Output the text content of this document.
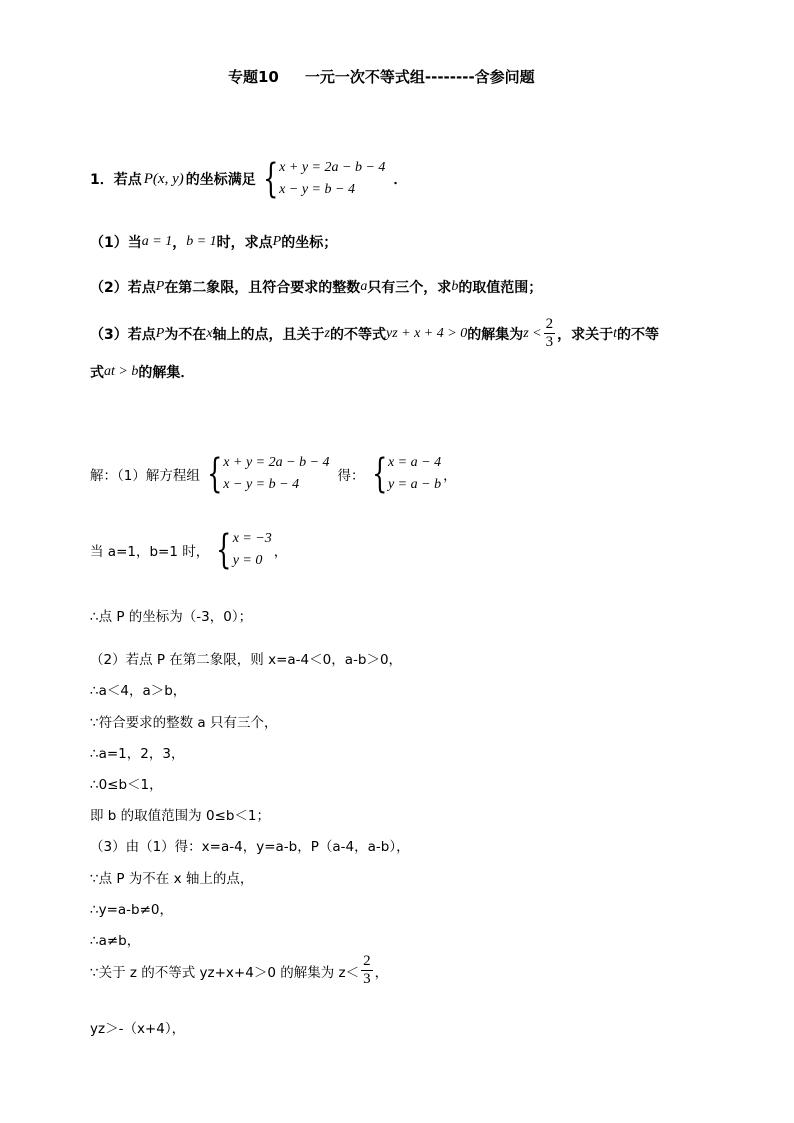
专题10 一元一次不等式组--------含参问题
1． 若点 P(x, y) 的坐标满足 { x + y = 2a − b − 4
x − y = b − 4
．
（1）当 a = 1 ， b = 1 时，求点 P 的坐标；
（2）若点 P 在第二象限，且符合要求的整数 a 只有三个，求 b 的取值范围；
（3）若点 P 为不在 x 轴上的点，且关于 z 的不等式 yz + x + 4 > 0 的解集为 $z < \frac{2}{3}$ ，求关于 t 的不等
式 at > b 的解集．
解：（1）解方程组 { x + y = 2a − b − 4
x − y = b − 4
得： { x = a − 4
y = a − b
，
当 a=1，b=1 时， { x = −3
y = 0
，
∴点 P 的坐标为（-3，0）；
（2）若点 P 在第二象限，则 x=a-4＜0，a-b＞0，
∴a＜4，a＞b，
∵符合要求的整数 a 只有三个，
∴a=1，2，3，
∴0≤b＜1，
即 b 的取值范围为 0≤b＜1；
（3）由（1）得：x=a-4，y=a-b，P（a-4，a-b），
∵点 P 为不在 x 轴上的点，
∴y=a-b≠0，
∴a≠b，
∵关于 z 的不等式 yz+x+4＞0 的解集为 $z< \frac{2}{3}$ ，
yz＞-（x+4），
